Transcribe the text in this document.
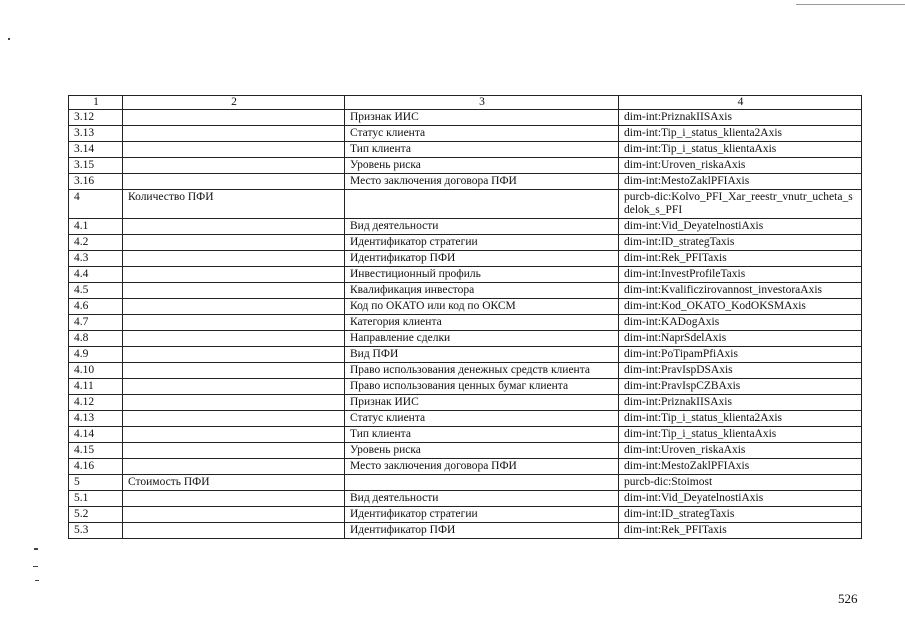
1	2	3	4
3.12		Признак ИИС	dim-int:PriznakIISAxis
3.13		Статус клиента	dim-int:Tip_i_status_klienta2Axis
3.14		Тип клиента	dim-int:Tip_i_status_klientaAxis
3.15		Уровень риска	dim-int:Uroven_riskaAxis
3.16		Место заключения договора ПФИ	dim-int:MestoZaklPFIAxis
4	Количество ПФИ		purcb-dic:Kolvo_PFI_Xar_reestr_vnutr_ucheta_sdelok_s_PFI
4.1		Вид деятельности	dim-int:Vid_DeyatelnostiAxis
4.2		Идентификатор стратегии	dim-int:ID_strategTaxis
4.3		Идентификатор ПФИ	dim-int:Rek_PFITaxis
4.4		Инвестиционный профиль	dim-int:InvestProfileTaxis
4.5		Квалификация инвестора	dim-int:Kvalificzirovannost_investoraAxis
4.6		Код по ОКАТО или код по ОКСМ	dim-int:Kod_OKATO_KodOKSMAxis
4.7		Категория клиента	dim-int:KADogAxis
4.8		Направление сделки	dim-int:NaprSdelAxis
4.9		Вид ПФИ	dim-int:PoTipamPfiAxis
4.10		Право использования денежных средств клиента	dim-int:PravIspDSAxis
4.11		Право использования ценных бумаг клиента	dim-int:PravIspCZBAxis
4.12		Признак ИИС	dim-int:PriznakIISAxis
4.13		Статус клиента	dim-int:Tip_i_status_klienta2Axis
4.14		Тип клиента	dim-int:Tip_i_status_klientaAxis
4.15		Уровень риска	dim-int:Uroven_riskaAxis
4.16		Место заключения договора ПФИ	dim-int:MestoZaklPFIAxis
5	Стоимость ПФИ		purcb-dic:Stoimost
5.1		Вид деятельности	dim-int:Vid_DeyatelnostiAxis
5.2		Идентификатор стратегии	dim-int:ID_strategTaxis
5.3		Идентификатор ПФИ	dim-int:Rek_PFITaxis
526
